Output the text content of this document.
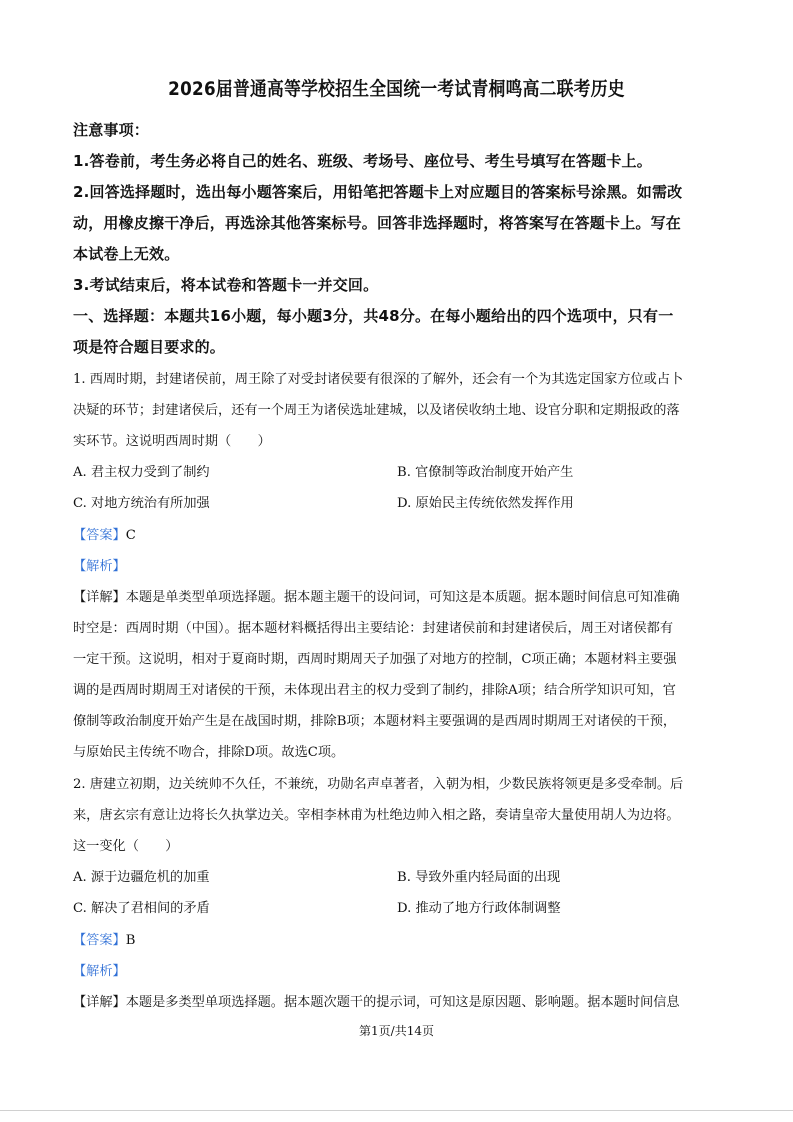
2026届普通高等学校招生全国统一考试青桐鸣高二联考历史
注意事项：
1.答卷前，考生务必将自己的姓名、班级、考场号、座位号、考生号填写在答题卡上。
2.回答选择题时，选出每小题答案后，用铅笔把答题卡上对应题目的答案标号涂黑。如需改
动，用橡皮擦干净后，再选涂其他答案标号。回答非选择题时，将答案写在答题卡上。写在
本试卷上无效。
3.考试结束后，将本试卷和答题卡一并交回。
一、选择题：本题共16小题，每小题3分，共48分。在每小题给出的四个选项中，只有一
项是符合题目要求的。
1. 西周时期，封建诸侯前，周王除了对受封诸侯要有很深的了解外，还会有一个为其选定国家方位或占卜
决疑的环节；封建诸侯后，还有一个周王为诸侯选址建城，以及诸侯收纳土地、设官分职和定期报政的落
实环节。这说明西周时期（　　）
A. 君主权力受到了制约	B. 官僚制等政治制度开始产生
C. 对地方统治有所加强	D. 原始民主传统依然发挥作用
【答案】C
【解析】
【详解】本题是单类型单项选择题。据本题主题干的设问词，可知这是本质题。据本题时间信息可知准确
时空是：西周时期（中国）。据本题材料概括得出主要结论：封建诸侯前和封建诸侯后，周王对诸侯都有
一定干预。这说明，相对于夏商时期，西周时期周天子加强了对地方的控制，C项正确；本题材料主要强
调的是西周时期周王对诸侯的干预，未体现出君主的权力受到了制约，排除A项；结合所学知识可知，官
僚制等政治制度开始产生是在战国时期，排除B项；本题材料主要强调的是西周时期周王对诸侯的干预，
与原始民主传统不吻合，排除D项。故选C项。
2. 唐建立初期，边关统帅不久任，不兼统，功勋名声卓著者，入朝为相，少数民族将领更是多受牵制。后
来，唐玄宗有意让边将长久执掌边关。宰相李林甫为杜绝边帅入相之路，奏请皇帝大量使用胡人为边将。
这一变化（　　）
A. 源于边疆危机的加重	B. 导致外重内轻局面的出现
C. 解决了君相间的矛盾	D. 推动了地方行政体制调整
【答案】B
【解析】
【详解】本题是多类型单项选择题。据本题次题干的提示词，可知这是原因题、影响题。据本题时间信息
第1页/共14页
